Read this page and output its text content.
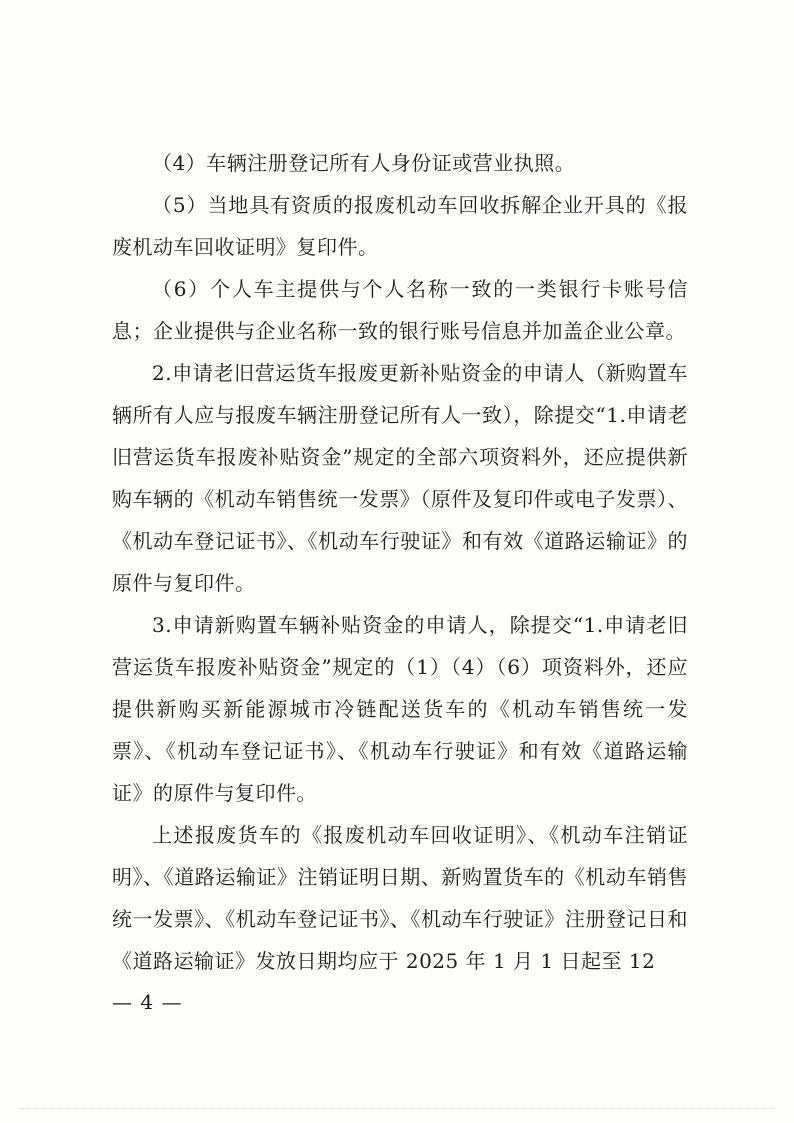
（4）车辆注册登记所有人身份证或营业执照。

（5）当地具有资质的报废机动车回收拆解企业开具的《报废机动车回收证明》复印件。

（6）个人车主提供与个人名称一致的一类银行卡账号信息；企业提供与企业名称一致的银行账号信息并加盖企业公章。

2.申请老旧营运货车报废更新补贴资金的申请人（新购置车辆所有人应与报废车辆注册登记所有人一致），除提交“1.申请老旧营运货车报废补贴资金”规定的全部六项资料外，还应提供新购车辆的《机动车销售统一发票》（原件及复印件或电子发票）、《机动车登记证书》、《机动车行驶证》和有效《道路运输证》的原件与复印件。

3.申请新购置车辆补贴资金的申请人，除提交“1.申请老旧营运货车报废补贴资金”规定的（1）（4）（6）项资料外，还应提供新购买新能源城市冷链配送货车的《机动车销售统一发票》、《机动车登记证书》、《机动车行驶证》和有效《道路运输证》的原件与复印件。

上述报废货车的《报废机动车回收证明》、《机动车注销证明》、《道路运输证》注销证明日期、新购置货车的《机动车销售统一发票》、《机动车登记证书》、《机动车行驶证》注册登记日和《道路运输证》发放日期均应于 2025 年 1 月 1 日起至 12

— 4 —
